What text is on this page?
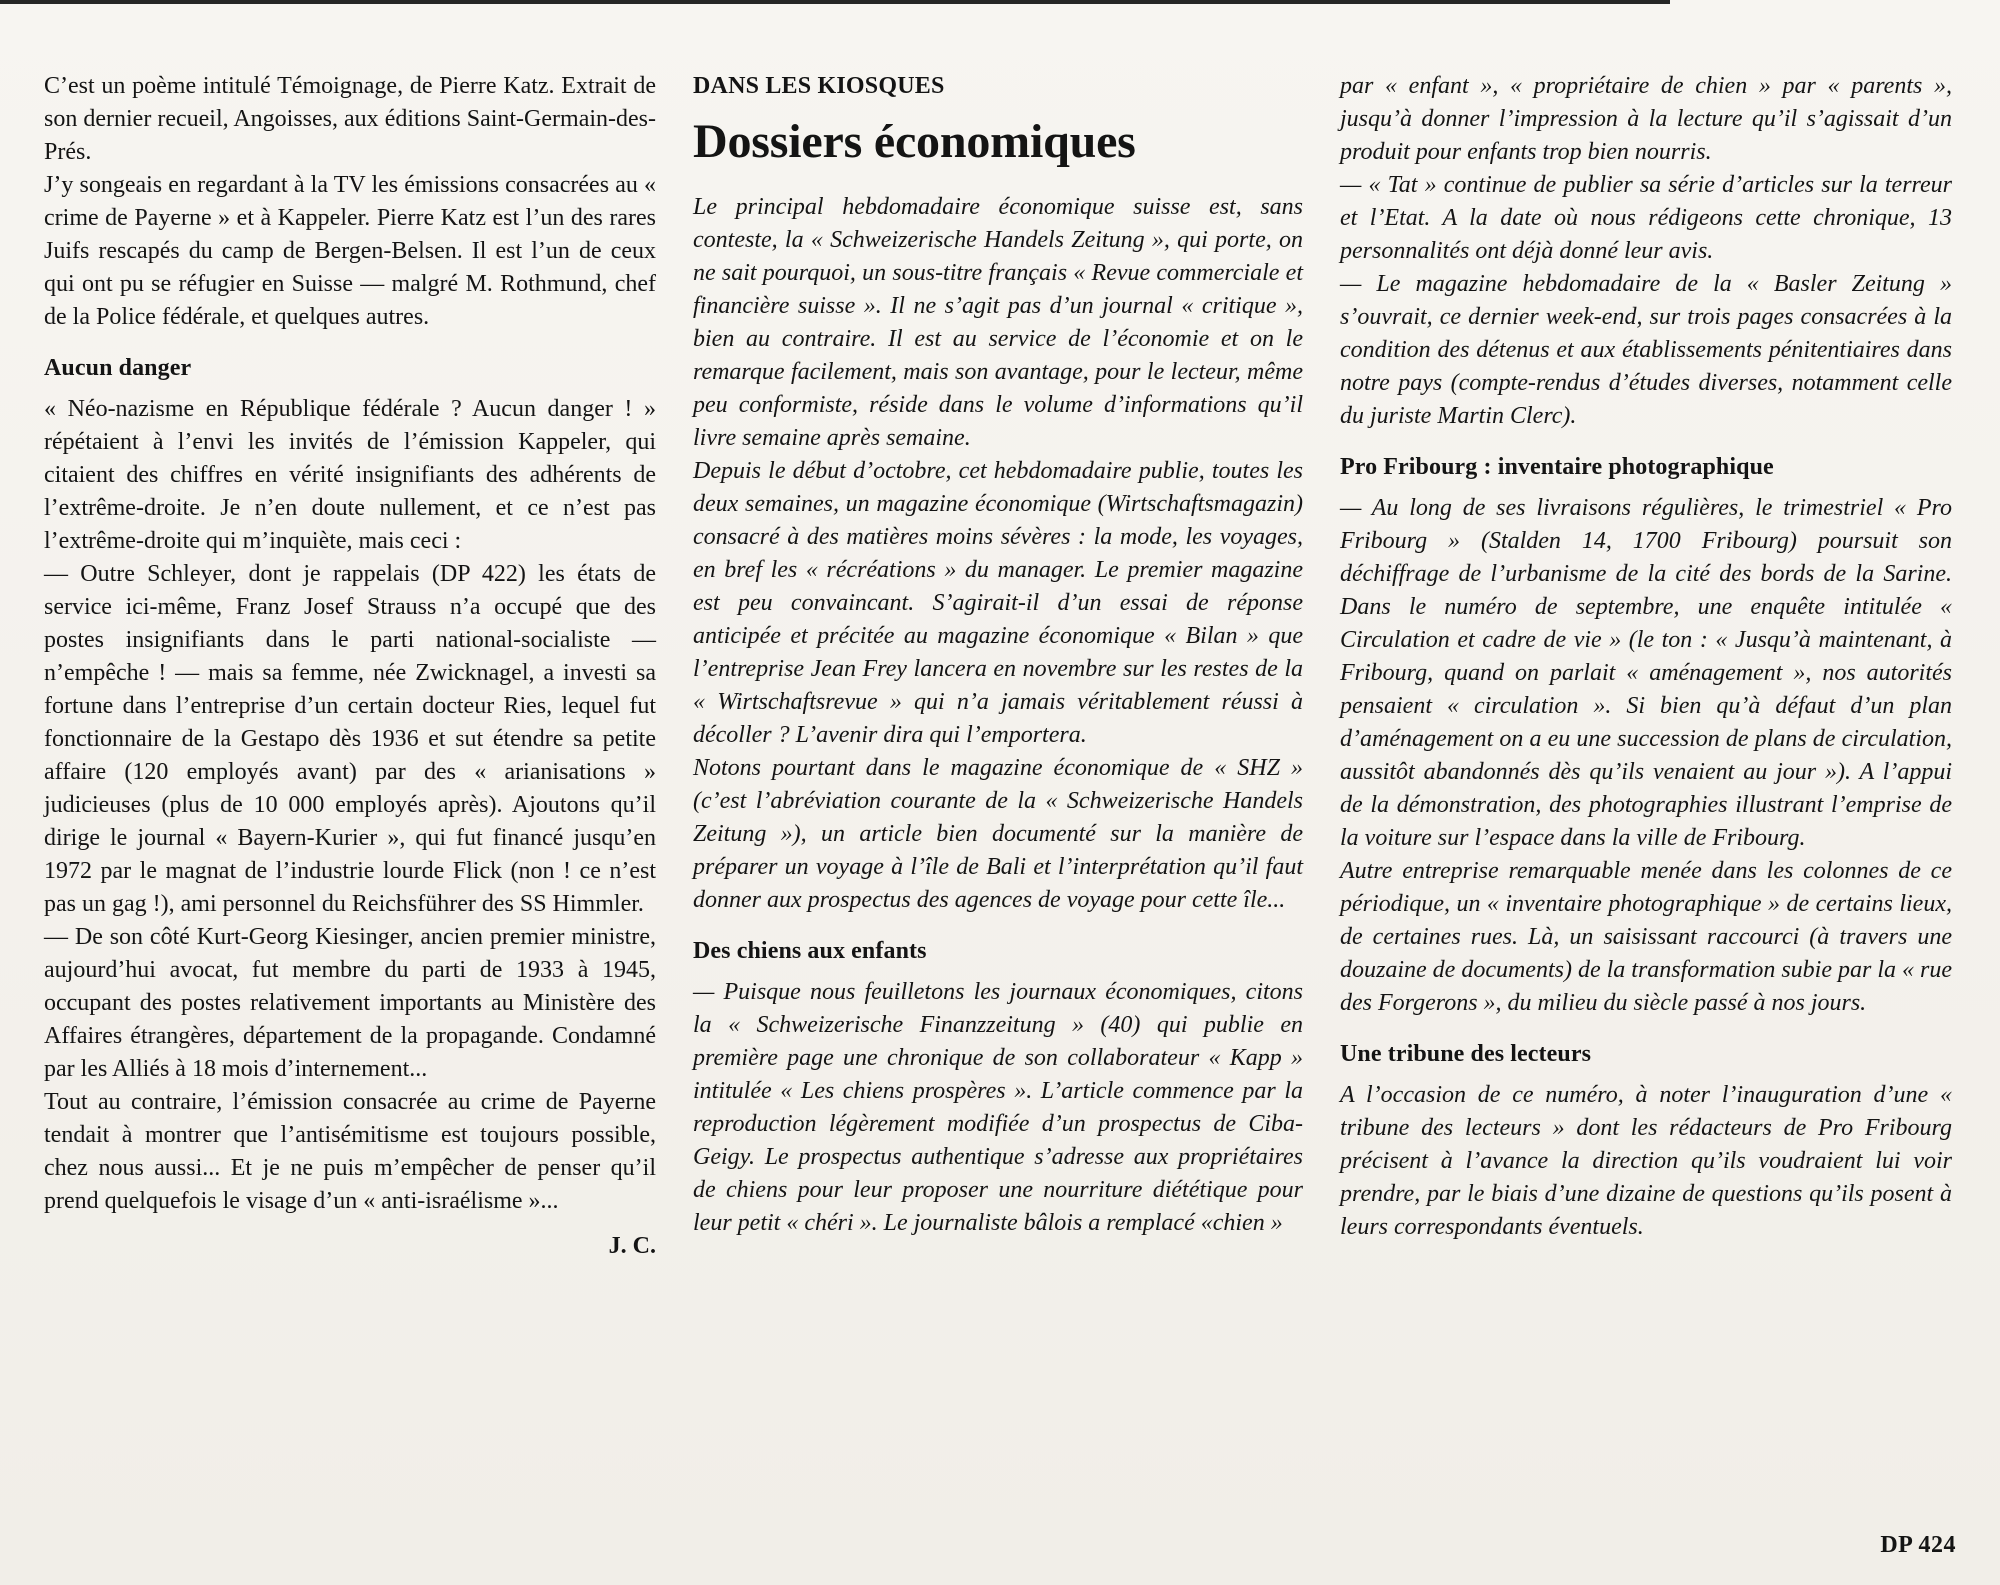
C’est un poème intitulé Témoignage, de Pierre Katz. Extrait de son dernier recueil, Angoisses, aux éditions Saint-Germain-des-Prés.

J’y songeais en regardant à la TV les émissions consacrées au « crime de Payerne » et à Kappeler. Pierre Katz est l’un des rares Juifs rescapés du camp de Bergen-Belsen. Il est l’un de ceux qui ont pu se réfugier en Suisse — malgré M. Rothmund, chef de la Police fédérale, et quelques autres.

Aucun danger

« Néo-nazisme en République fédérale ? Aucun danger ! » répétaient à l’envi les invités de l’émission Kappeler, qui citaient des chiffres en vérité insignifiants des adhérents de l’extrême-droite. Je n’en doute nullement, et ce n’est pas l’extrême-droite qui m’inquiète, mais ceci :

— Outre Schleyer, dont je rappelais (DP 422) les états de service ici-même, Franz Josef Strauss n’a occupé que des postes insignifiants dans le parti national-socialiste — n’empêche ! — mais sa femme, née Zwicknagel, a investi sa fortune dans l’entreprise d’un certain docteur Ries, lequel fut fonctionnaire de la Gestapo dès 1936 et sut étendre sa petite affaire (120 employés avant) par des « arianisations » judicieuses (plus de 10 000 employés après). Ajoutons qu’il dirige le journal « Bayern-Kurier », qui fut financé jusqu’en 1972 par le magnat de l’industrie lourde Flick (non ! ce n’est pas un gag !), ami personnel du Reichsführer des SS Himmler.

— De son côté Kurt-Georg Kiesinger, ancien premier ministre, aujourd’hui avocat, fut membre du parti de 1933 à 1945, occupant des postes relativement importants au Ministère des Affaires étrangères, département de la propagande. Condamné par les Alliés à 18 mois d’internement...

Tout au contraire, l’émission consacrée au crime de Payerne tendait à montrer que l’antisémitisme est toujours possible, chez nous aussi... Et je ne puis m’empêcher de penser qu’il prend quelquefois le visage d’un « anti-israélisme »...

J. C.

DANS LES KIOSQUES

Dossiers économiques

Le principal hebdomadaire économique suisse est, sans conteste, la « Schweizerische Handels Zeitung », qui porte, on ne sait pourquoi, un sous-titre français « Revue commerciale et financière suisse ». Il ne s’agit pas d’un journal « critique », bien au contraire. Il est au service de l’économie et on le remarque facilement, mais son avantage, pour le lecteur, même peu conformiste, réside dans le volume d’informations qu’il livre semaine après semaine.

Depuis le début d’octobre, cet hebdomadaire publie, toutes les deux semaines, un magazine économique (Wirtschaftsmagazin) consacré à des matières moins sévères : la mode, les voyages, en bref les « récréations » du manager. Le premier magazine est peu convaincant. S’agirait-il d’un essai de réponse anticipée et précitée au magazine économique « Bilan » que l’entreprise Jean Frey lancera en novembre sur les restes de la « Wirtschaftsrevue » qui n’a jamais véritablement réussi à décoller ? L’avenir dira qui l’emportera.

Notons pourtant dans le magazine économique de « SHZ » (c’est l’abréviation courante de la « Schweizerische Handels Zeitung »), un article bien documenté sur la manière de préparer un voyage à l’île de Bali et l’interprétation qu’il faut donner aux prospectus des agences de voyage pour cette île...

Des chiens aux enfants

— Puisque nous feuilletons les journaux économiques, citons la « Schweizerische Finanzzeitung » (40) qui publie en première page une chronique de son collaborateur « Kapp » intitulée « Les chiens prospères ». L’article commence par la reproduction légèrement modifiée d’un prospectus de Ciba-Geigy. Le prospectus authentique s’adresse aux propriétaires de chiens pour leur proposer une nourriture diététique pour leur petit « chéri ». Le journaliste bâlois a remplacé «chien »

par « enfant », « propriétaire de chien » par « parents », jusqu’à donner l’impression à la lecture qu’il s’agissait d’un produit pour enfants trop bien nourris.

— « Tat » continue de publier sa série d’articles sur la terreur et l’Etat. A la date où nous rédigeons cette chronique, 13 personnalités ont déjà donné leur avis.

— Le magazine hebdomadaire de la « Basler Zeitung » s’ouvrait, ce dernier week-end, sur trois pages consacrées à la condition des détenus et aux établissements pénitentiaires dans notre pays (compte-rendus d’études diverses, notamment celle du juriste Martin Clerc).

Pro Fribourg : inventaire photographique

— Au long de ses livraisons régulières, le trimestriel « Pro Fribourg » (Stalden 14, 1700 Fribourg) poursuit son déchiffrage de l’urbanisme de la cité des bords de la Sarine. Dans le numéro de septembre, une enquête intitulée « Circulation et cadre de vie » (le ton : « Jusqu’à maintenant, à Fribourg, quand on parlait « aménagement », nos autorités pensaient « circulation ». Si bien qu’à défaut d’un plan d’aménagement on a eu une succession de plans de circulation, aussitôt abandonnés dès qu’ils venaient au jour »). A l’appui de la démonstration, des photographies illustrant l’emprise de la voiture sur l’espace dans la ville de Fribourg.

Autre entreprise remarquable menée dans les colonnes de ce périodique, un « inventaire photographique » de certains lieux, de certaines rues. Là, un saisissant raccourci (à travers une douzaine de documents) de la transformation subie par la « rue des Forgerons », du milieu du siècle passé à nos jours.

Une tribune des lecteurs

A l’occasion de ce numéro, à noter l’inauguration d’une « tribune des lecteurs » dont les rédacteurs de Pro Fribourg précisent à l’avance la direction qu’ils voudraient lui voir prendre, par le biais d’une dizaine de questions qu’ils posent à leurs correspondants éventuels.

DP 424
